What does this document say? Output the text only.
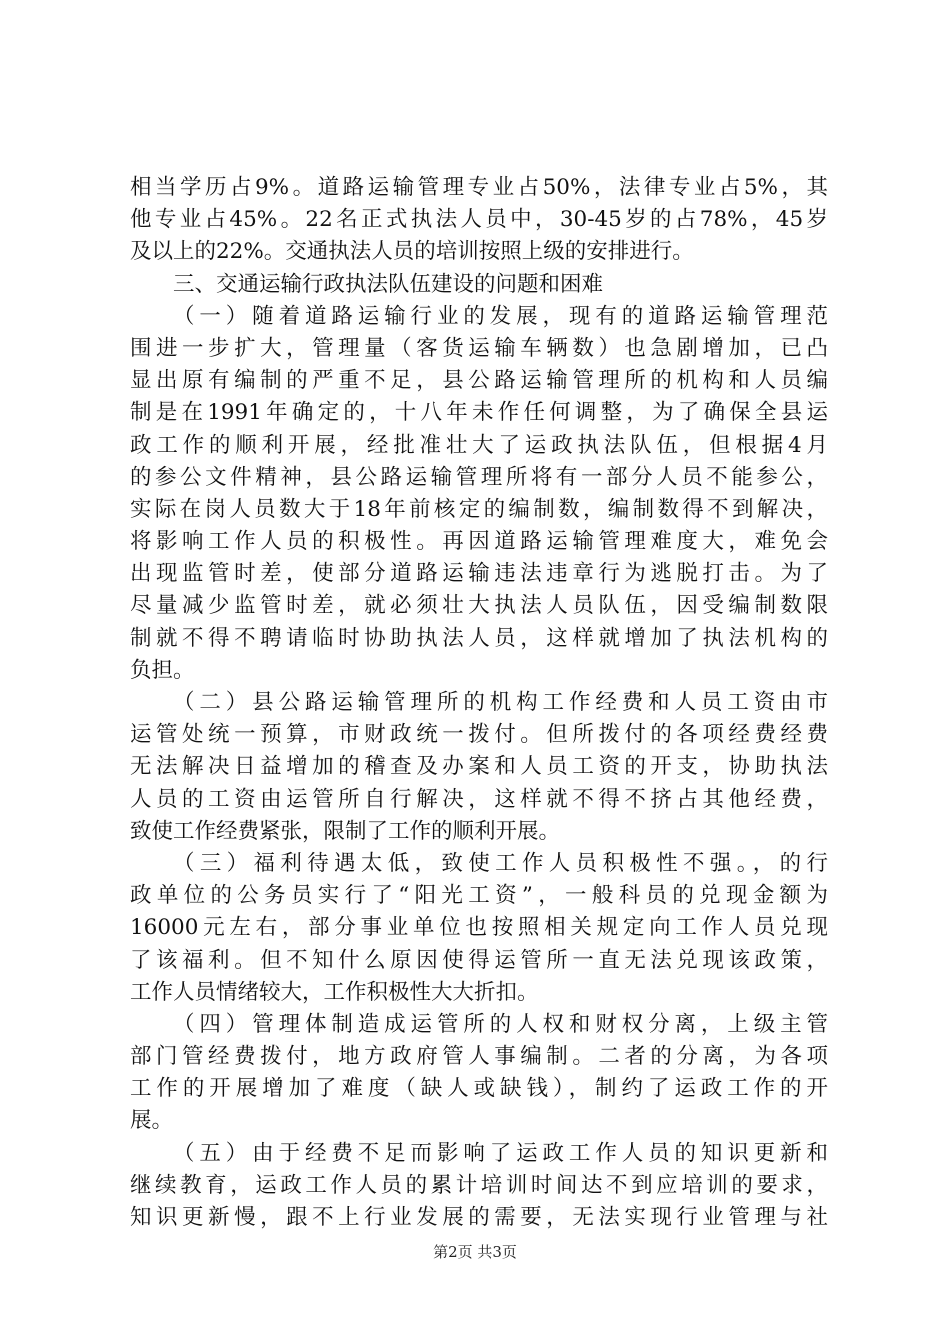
相当学历占9%。道路运输管理专业占50%，法律专业占5%，其
他专业占45%。22名正式执法人员中，30-45岁的占78%，45岁
及以上的22%。交通执法人员的培训按照上级的安排进行。
三、交通运输行政执法队伍建设的问题和困难
（一）随着道路运输行业的发展，现有的道路运输管理范
围进一步扩大，管理量（客货运输车辆数）也急剧增加，已凸
显出原有编制的严重不足，县公路运输管理所的机构和人员编
制是在1991年确定的，十八年未作任何调整，为了确保全县运
政工作的顺利开展，经批准壮大了运政执法队伍，但根据4月
的参公文件精神，县公路运输管理所将有一部分人员不能参公，
实际在岗人员数大于18年前核定的编制数，编制数得不到解决，
将影响工作人员的积极性。再因道路运输管理难度大，难免会
出现监管时差，使部分道路运输违法违章行为逃脱打击。为了
尽量减少监管时差，就必须壮大执法人员队伍，因受编制数限
制就不得不聘请临时协助执法人员，这样就增加了执法机构的
负担。
（二）县公路运输管理所的机构工作经费和人员工资由市
运管处统一预算，市财政统一拨付。但所拨付的各项经费经费
无法解决日益增加的稽查及办案和人员工资的开支，协助执法
人员的工资由运管所自行解决，这样就不得不挤占其他经费，
致使工作经费紧张，限制了工作的顺利开展。
（三）福利待遇太低，致使工作人员积极性不强。，的行
政单位的公务员实行了“阳光工资”，一般科员的兑现金额为
16000元左右，部分事业单位也按照相关规定向工作人员兑现
了该福利。但不知什么原因使得运管所一直无法兑现该政策，
工作人员情绪较大，工作积极性大大折扣。
（四）管理体制造成运管所的人权和财权分离，上级主管
部门管经费拨付，地方政府管人事编制。二者的分离，为各项
工作的开展增加了难度（缺人或缺钱），制约了运政工作的开
展。
（五）由于经费不足而影响了运政工作人员的知识更新和
继续教育，运政工作人员的累计培训时间达不到应培训的要求，
知识更新慢，跟不上行业发展的需要，无法实现行业管理与社
第2页 共3页
